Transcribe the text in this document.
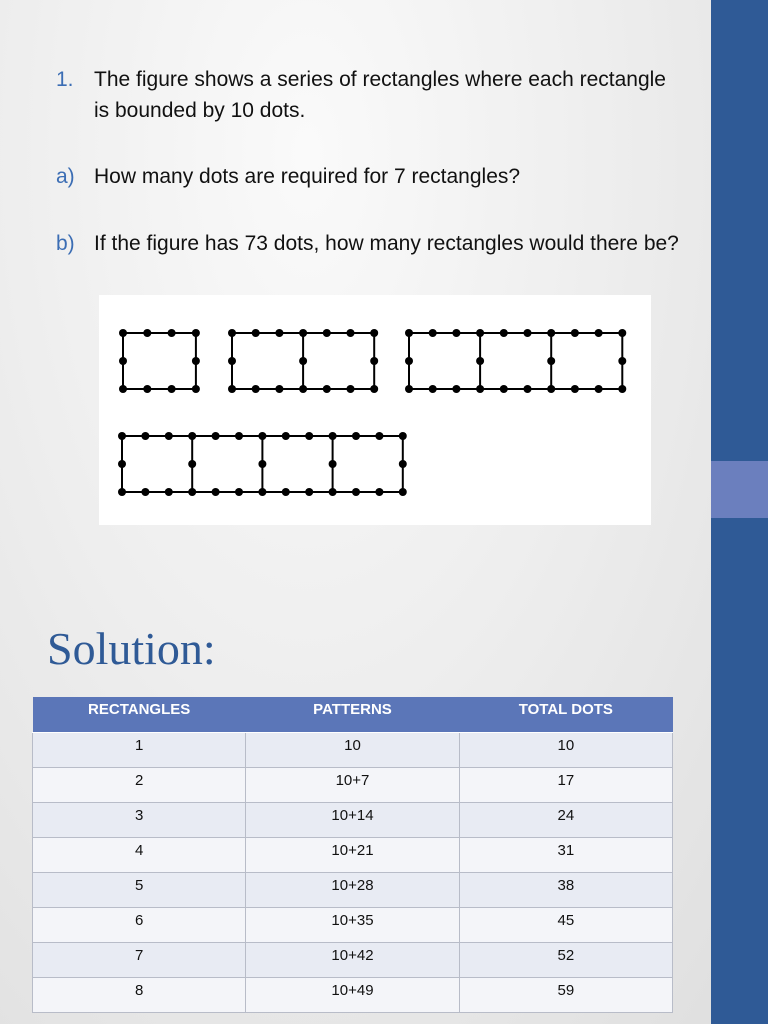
1. The figure shows a series of rectangles where each rectangle is bounded by 10 dots.
a) How many dots are required for 7 rectangles?
b) If the figure has 73 dots, how many rectangles would there be?
Solution:
RECTANGLES	PATTERNS	TOTAL DOTS
1	10	10
2	10+7	17
3	10+14	24
4	10+21	31
5	10+28	38
6	10+35	45
7	10+42	52
8	10+49	59
